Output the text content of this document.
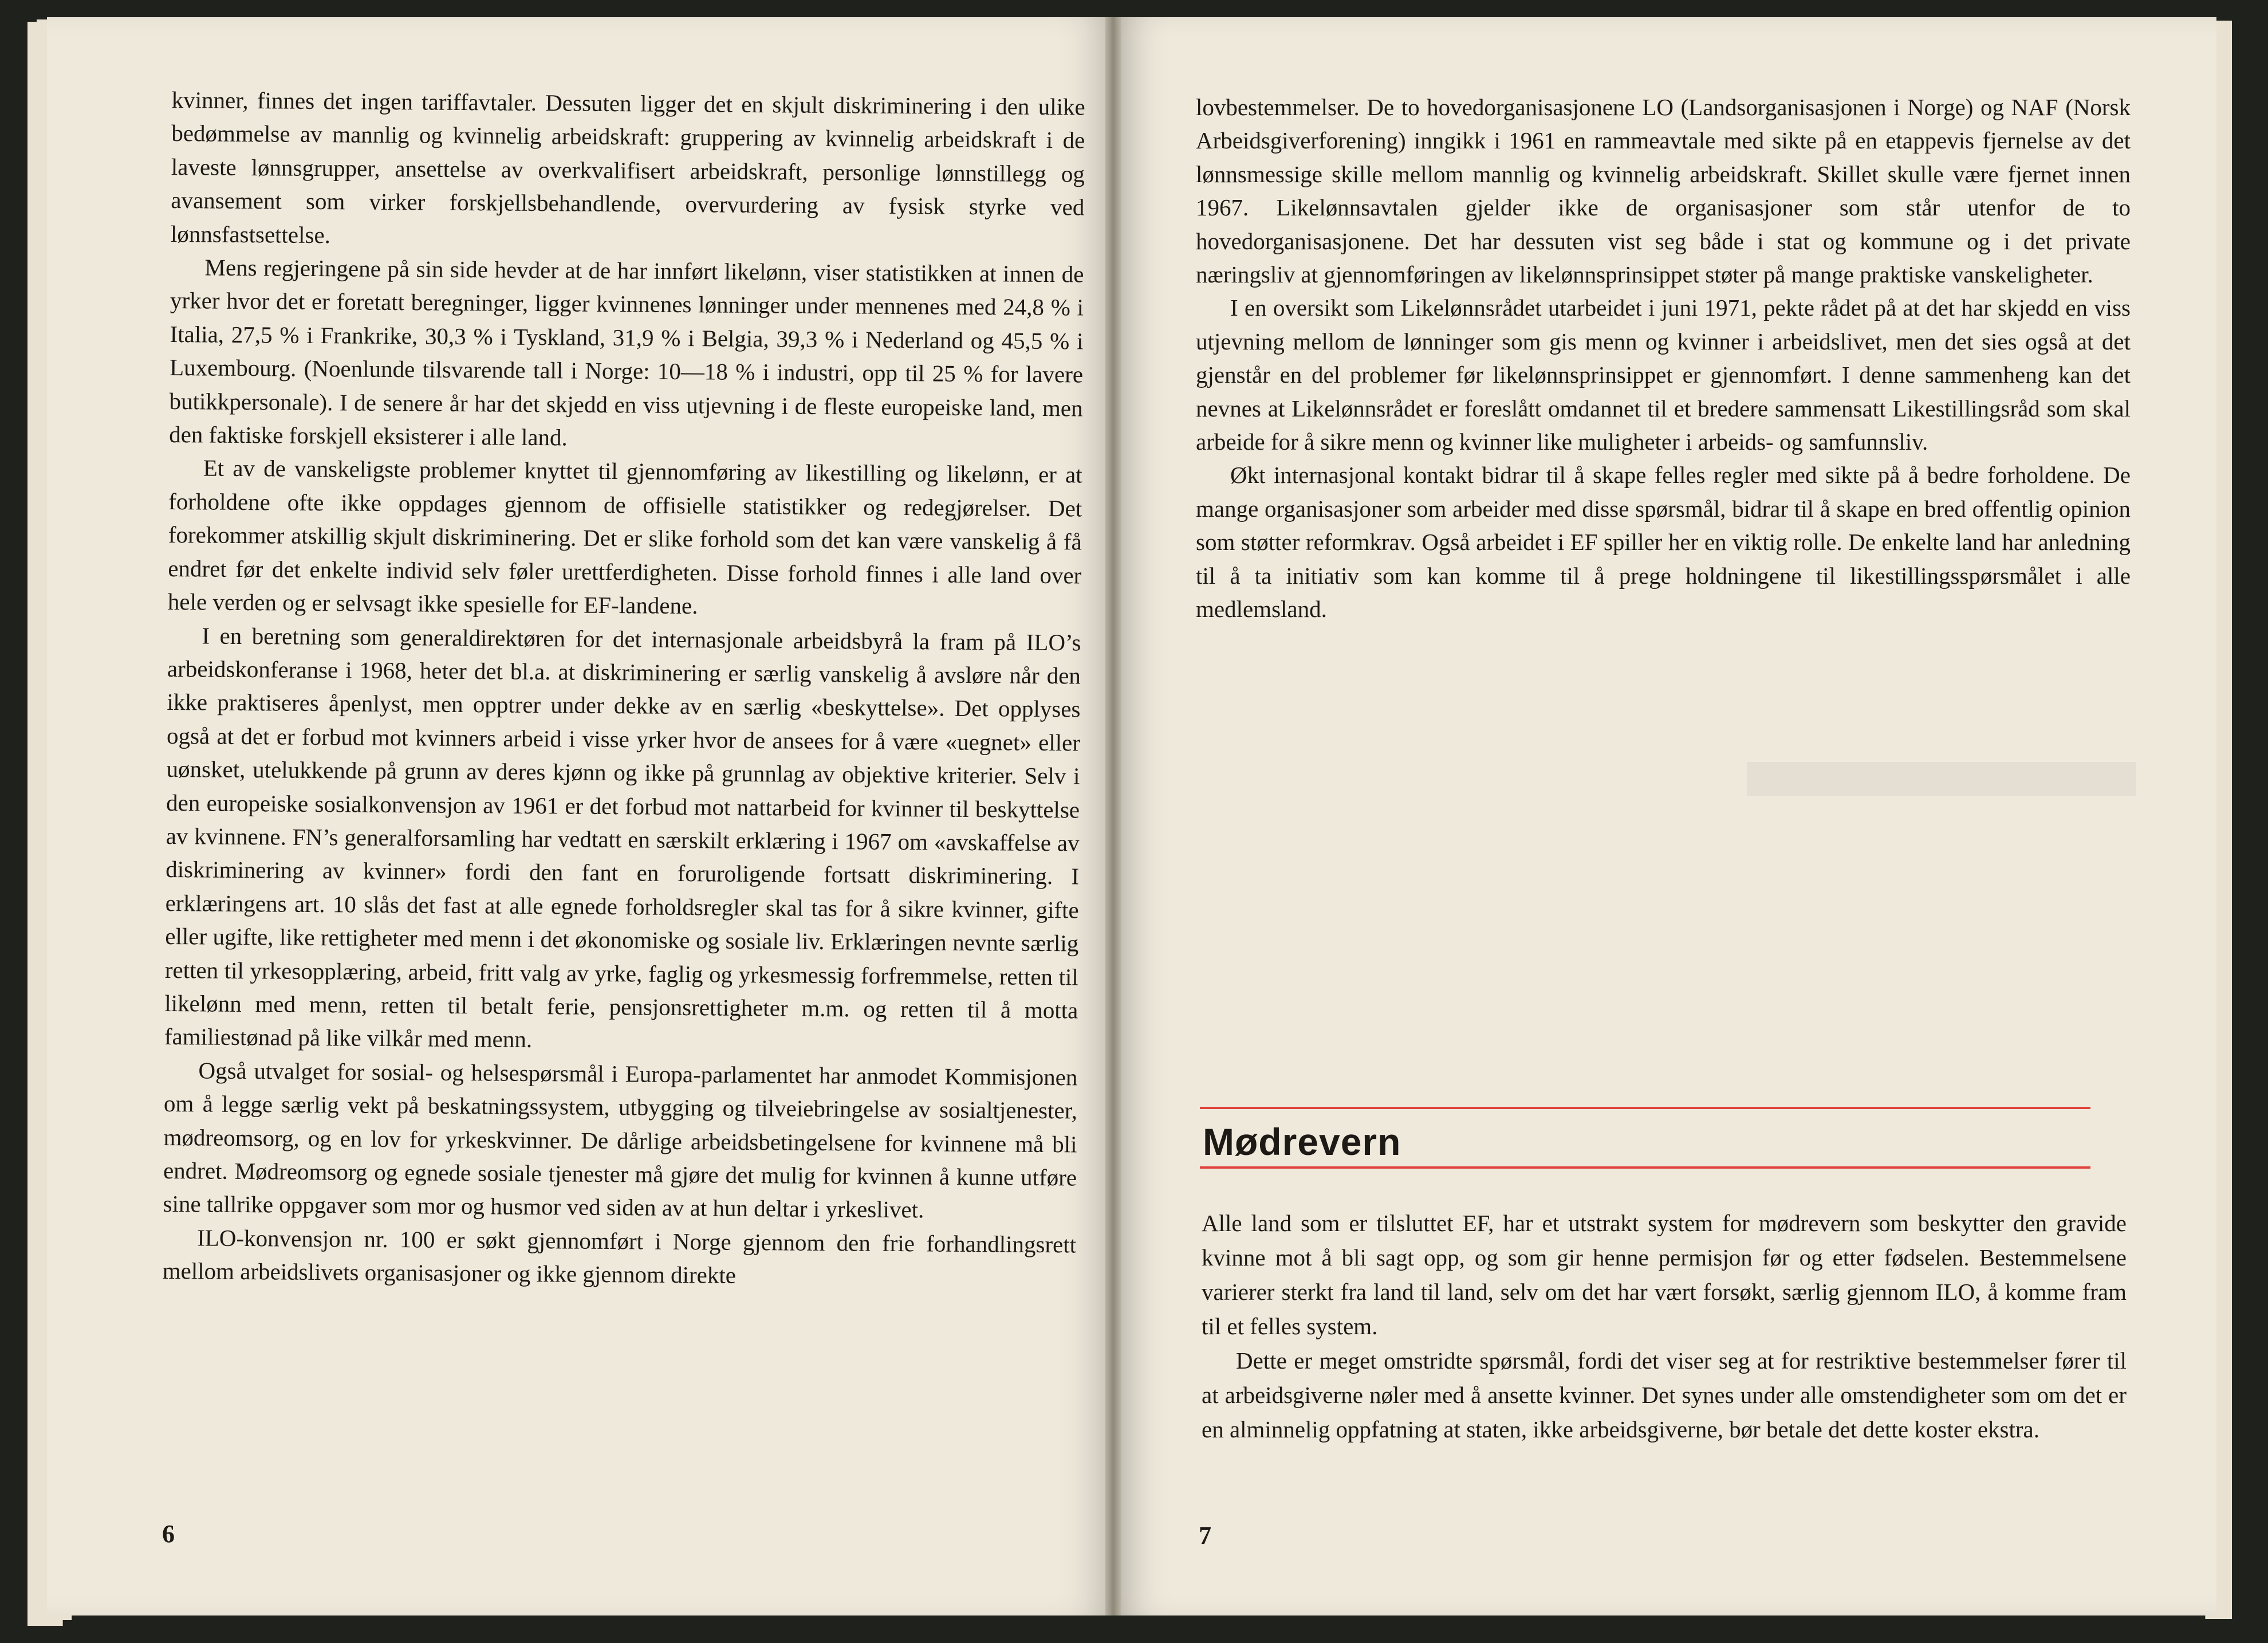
kvinner, finnes det ingen tariffavtaler. Dessuten ligger det en skjult diskriminering i den ulike bedømmelse av mannlig og kvinnelig arbeidskraft: gruppering av kvinnelig arbeidskraft i de laveste lønnsgrupper, ansettelse av overkvalifisert arbeidskraft, personlige lønnstillegg og avansement som virker forskjellsbehandlende, overvurdering av fysisk styrke ved lønnsfastsettelse.

Mens regjeringene på sin side hevder at de har innført likelønn, viser statistikken at innen de yrker hvor det er foretatt beregninger, ligger kvinnenes lønninger under mennenes med 24,8 % i Italia, 27,5 % i Frankrike, 30,3 % i Tyskland, 31,9 % i Belgia, 39,3 % i Nederland og 45,5 % i Luxembourg. (Noenlunde tilsvarende tall i Norge: 10—18 % i industri, opp til 25 % for lavere butikkpersonale). I de senere år har det skjedd en viss utjevning i de fleste europeiske land, men den faktiske forskjell eksisterer i alle land.

Et av de vanskeligste problemer knyttet til gjennomføring av likestilling og likelønn, er at forholdene ofte ikke oppdages gjennom de offisielle statistikker og redegjørelser. Det forekommer atskillig skjult diskriminering. Det er slike forhold som det kan være vanskelig å få endret før det enkelte individ selv føler urettferdigheten. Disse forhold finnes i alle land over hele verden og er selvsagt ikke spesielle for EF-landene.

I en beretning som generaldirektøren for det internasjonale arbeidsbyrå la fram på ILO’s arbeidskonferanse i 1968, heter det bl.a. at diskriminering er særlig vanskelig å avsløre når den ikke praktiseres åpenlyst, men opptrer under dekke av en særlig «beskyttelse». Det opplyses også at det er forbud mot kvinners arbeid i visse yrker hvor de ansees for å være «uegnet» eller uønsket, utelukkende på grunn av deres kjønn og ikke på grunnlag av objektive kriterier. Selv i den europeiske sosialkonvensjon av 1961 er det forbud mot nattarbeid for kvinner til beskyttelse av kvinnene. FN’s generalforsamling har vedtatt en særskilt erklæring i 1967 om «avskaffelse av diskriminering av kvinner» fordi den fant en foruroligende fortsatt diskriminering. I erklæringens art. 10 slås det fast at alle egnede forholdsregler skal tas for å sikre kvinner, gifte eller ugifte, like rettigheter med menn i det økonomiske og sosiale liv. Erklæringen nevnte særlig retten til yrkesopplæring, arbeid, fritt valg av yrke, faglig og yrkesmessig forfremmelse, retten til likelønn med menn, retten til betalt ferie, pensjonsrettigheter m.m. og retten til å motta familiestønad på like vilkår med menn.

Også utvalget for sosial- og helsespørsmål i Europa-parlamentet har anmodet Kommisjonen om å legge særlig vekt på beskatningssystem, utbygging og tilveiebringelse av sosialtjenester, mødreomsorg, og en lov for yrkeskvinner. De dårlige arbeidsbetingelsene for kvinnene må bli endret. Mødreomsorg og egnede sosiale tjenester må gjøre det mulig for kvinnen å kunne utføre sine tallrike oppgaver som mor og husmor ved siden av at hun deltar i yrkeslivet.

ILO-konvensjon nr. 100 er søkt gjennomført i Norge gjennom den frie forhandlingsrett mellom arbeidslivets organisasjoner og ikke gjennom direkte

6

lovbestemmelser. De to hovedorganisasjonene LO (Landsorganisasjonen i Norge) og NAF (Norsk Arbeidsgiverforening) inngikk i 1961 en rammeavtale med sikte på en etappevis fjernelse av det lønnsmessige skille mellom mannlig og kvinnelig arbeidskraft. Skillet skulle være fjernet innen 1967. Likelønnsavtalen gjelder ikke de organisasjoner som står utenfor de to hovedorganisasjonene. Det har dessuten vist seg både i stat og kommune og i det private næringsliv at gjennomføringen av likelønnsprinsippet støter på mange praktiske vanskeligheter.

I en oversikt som Likelønnsrådet utarbeidet i juni 1971, pekte rådet på at det har skjedd en viss utjevning mellom de lønninger som gis menn og kvinner i arbeidslivet, men det sies også at det gjenstår en del problemer før likelønnsprinsippet er gjennomført. I denne sammenheng kan det nevnes at Likelønnsrådet er foreslått omdannet til et bredere sammensatt Likestillingsråd som skal arbeide for å sikre menn og kvinner like muligheter i arbeids- og samfunnsliv.

Økt internasjonal kontakt bidrar til å skape felles regler med sikte på å bedre forholdene. De mange organisasjoner som arbeider med disse spørsmål, bidrar til å skape en bred offentlig opinion som støtter reformkrav. Også arbeidet i EF spiller her en viktig rolle. De enkelte land har anledning til å ta initiativ som kan komme til å prege holdningene til likestillingsspørsmålet i alle medlemsland.

Mødrevern

Alle land som er tilsluttet EF, har et utstrakt system for mødrevern som beskytter den gravide kvinne mot å bli sagt opp, og som gir henne permisjon før og etter fødselen. Bestemmelsene varierer sterkt fra land til land, selv om det har vært forsøkt, særlig gjennom ILO, å komme fram til et felles system.

Dette er meget omstridte spørsmål, fordi det viser seg at for restriktive bestemmelser fører til at arbeidsgiverne nøler med å ansette kvinner. Det synes under alle omstendigheter som om det er en alminnelig oppfatning at staten, ikke arbeidsgiverne, bør betale det dette koster ekstra.

7
